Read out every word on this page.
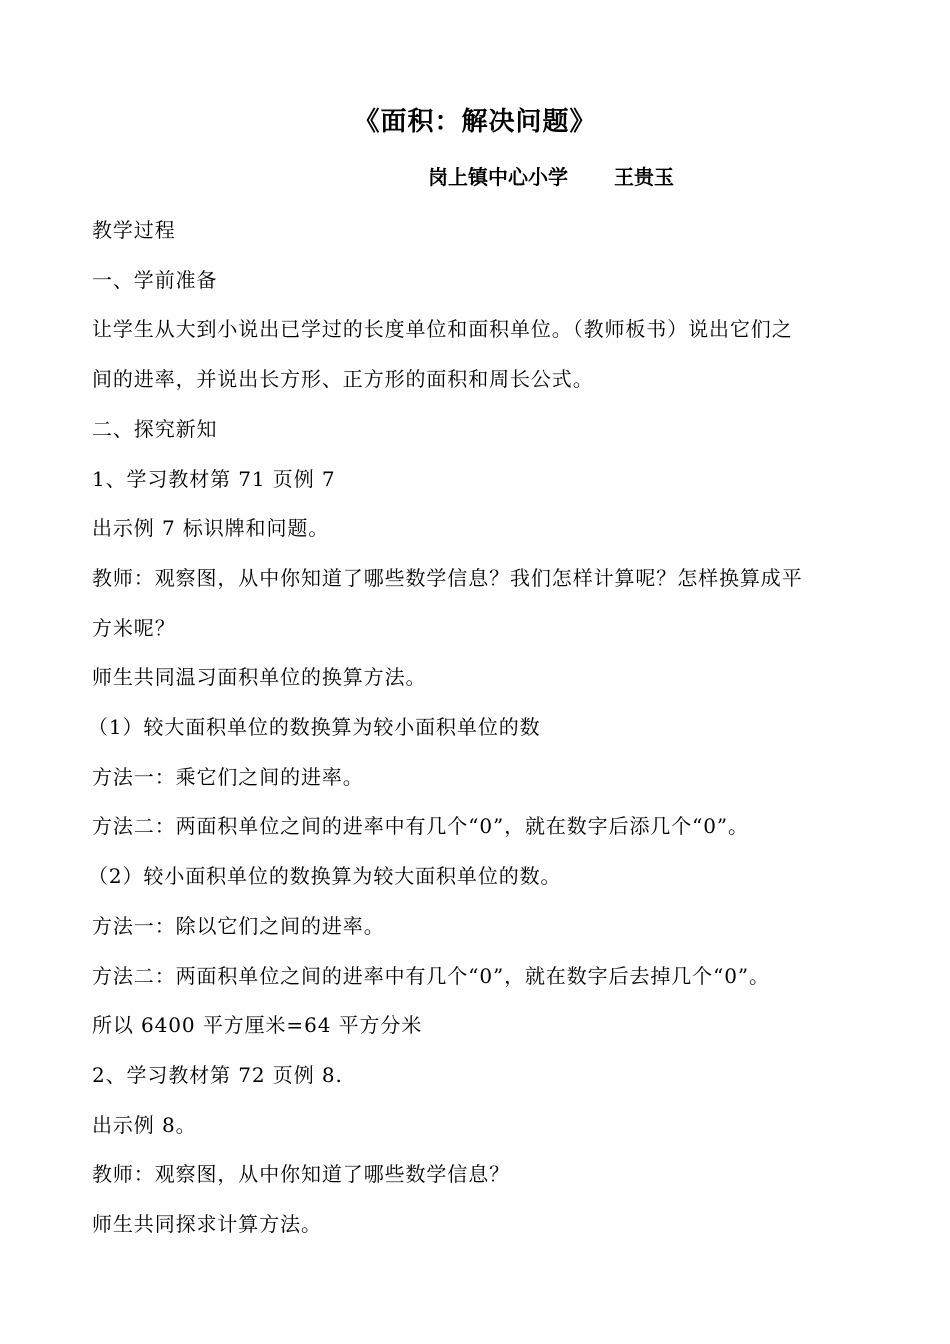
《面积：解决问题》
岗上镇中心小学 王贵玉

教学过程

一、学前准备

让学生从大到小说出已学过的长度单位和面积单位。（教师板书）说出它们之

间的进率，并说出长方形、正方形的面积和周长公式。

二、探究新知

1、学习教材第 71 页例 7

出示例 7 标识牌和问题。

教师：观察图，从中你知道了哪些数学信息？我们怎样计算呢？怎样换算成平

方米呢？

师生共同温习面积单位的换算方法。

（1）较大面积单位的数换算为较小面积单位的数

方法一：乘它们之间的进率。

方法二：两面积单位之间的进率中有几个“0”，就在数字后添几个“0”。

（2）较小面积单位的数换算为较大面积单位的数。

方法一：除以它们之间的进率。

方法二：两面积单位之间的进率中有几个“0”，就在数字后去掉几个“0”。

所以 6400 平方厘米=64 平方分米

2、学习教材第 72 页例 8.

出示例 8。

教师：观察图，从中你知道了哪些数学信息？

师生共同探求计算方法。
